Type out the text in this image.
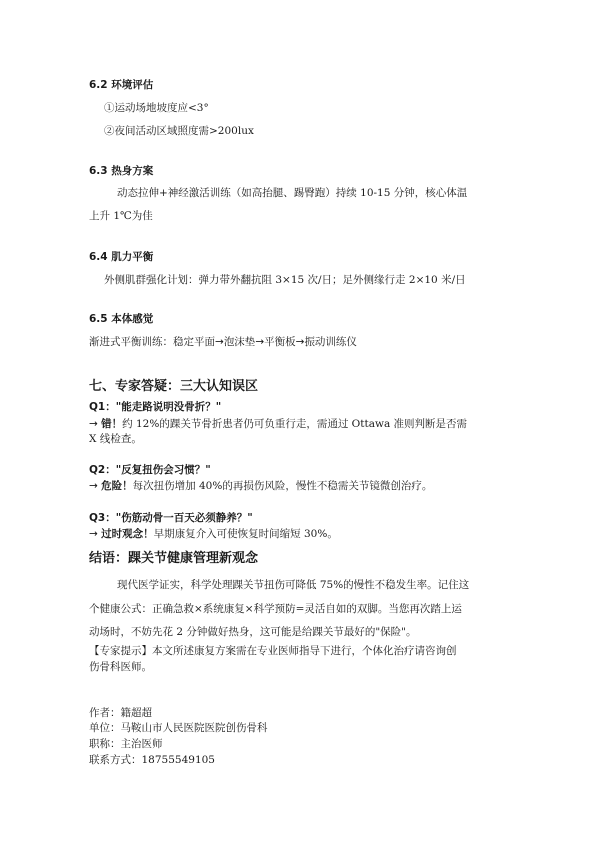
6.2 环境评估
①运动场地坡度应<3°
②夜间活动区域照度需>200lux
6.3 热身方案
动态拉伸+神经激活训练（如高抬腿、踢臀跑）持续 10-15 分钟，核心体温
上升 1℃为佳
6.4 肌力平衡
外侧肌群强化计划：弹力带外翻抗阻 3×15 次/日；足外侧缘行走 2×10 米/日
6.5 本体感觉
渐进式平衡训练：稳定平面→泡沫垫→平衡板→振动训练仪
七、专家答疑：三大认知误区
Q1："能走路说明没骨折？"
→ 错！约 12%的踝关节骨折患者仍可负重行走，需通过 Ottawa 准则判断是否需
X 线检查。
Q2："反复扭伤会习惯？"
→ 危险！每次扭伤增加 40%的再损伤风险，慢性不稳需关节镜微创治疗。
Q3："伤筋动骨一百天必须静养？"
→ 过时观念！早期康复介入可使恢复时间缩短 30%。
结语：踝关节健康管理新观念
现代医学证实，科学处理踝关节扭伤可降低 75%的慢性不稳发生率。记住这
个健康公式：正确急救×系统康复×科学预防=灵活自如的双脚。当您再次踏上运
动场时，不妨先花 2 分钟做好热身，这可能是给踝关节最好的"保险"。
【专家提示】本文所述康复方案需在专业医师指导下进行，个体化治疗请咨询创
伤骨科医师。
作者：籍超超
单位：马鞍山市人民医院医院创伤骨科
职称：主治医师
联系方式：18755549105
